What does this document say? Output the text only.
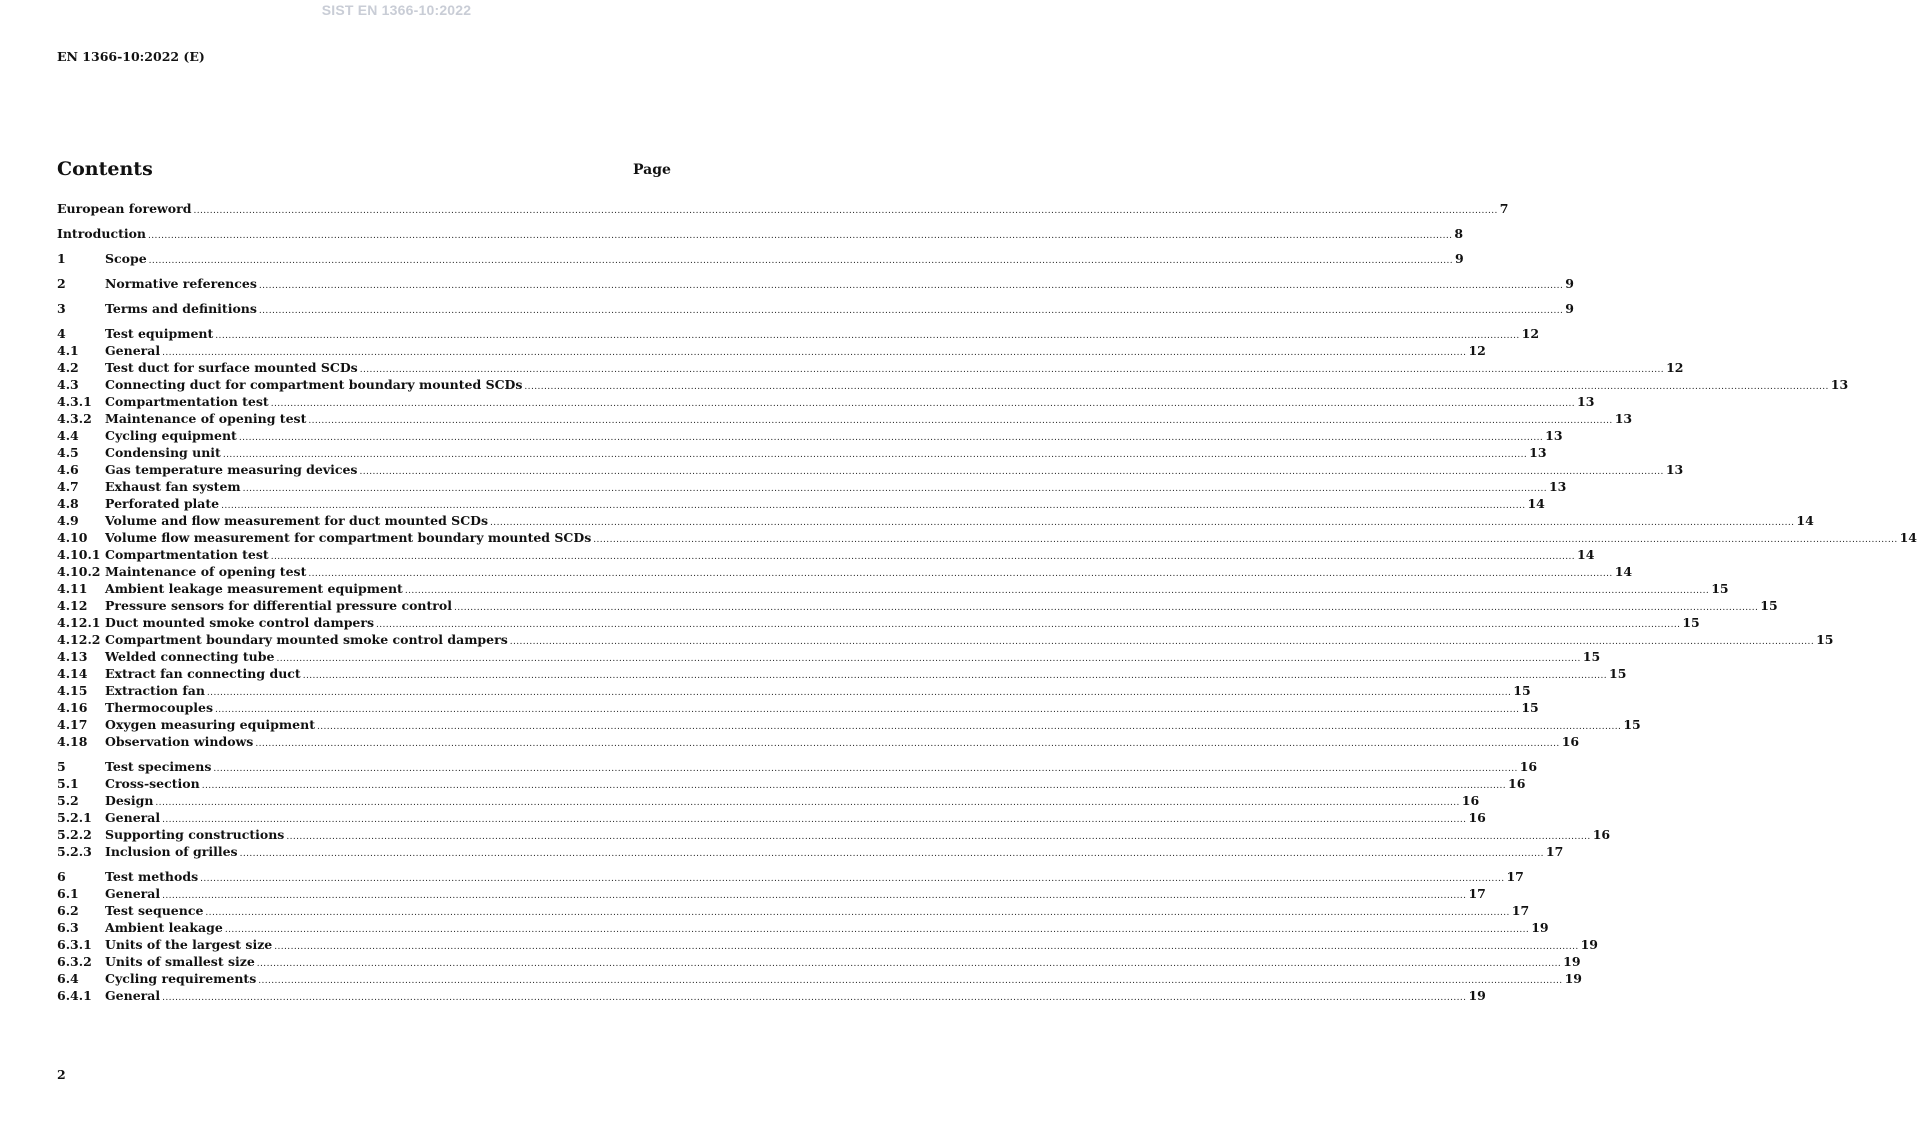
SIST EN 1366-10:2022
EN 1366-10:2022 (E)
Contents	Page
European foreword ................................................................................................................................................................................................................................................................................................................................................................................................................ 7
Introduction ................................................................................................................................................................................................................................................................................................................................................................................................................ 8
1	Scope ................................................................................................................................................................................................................................................................................................................................................................................................................ 9
2	Normative references ................................................................................................................................................................................................................................................................................................................................................................................................................ 9
3	Terms and definitions ................................................................................................................................................................................................................................................................................................................................................................................................................ 9
4	Test equipment ................................................................................................................................................................................................................................................................................................................................................................................................................ 12
4.1	General ................................................................................................................................................................................................................................................................................................................................................................................................................ 12
4.2	Test duct for surface mounted SCDs ................................................................................................................................................................................................................................................................................................................................................................................................................ 12
4.3	Connecting duct for compartment boundary mounted SCDs ................................................................................................................................................................................................................................................................................................................................................................................................................ 13
4.3.1	Compartmentation test ................................................................................................................................................................................................................................................................................................................................................................................................................ 13
4.3.2	Maintenance of opening test ................................................................................................................................................................................................................................................................................................................................................................................................................ 13
4.4	Cycling equipment ................................................................................................................................................................................................................................................................................................................................................................................................................ 13
4.5	Condensing unit ................................................................................................................................................................................................................................................................................................................................................................................................................ 13
4.6	Gas temperature measuring devices ................................................................................................................................................................................................................................................................................................................................................................................................................ 13
4.7	Exhaust fan system ................................................................................................................................................................................................................................................................................................................................................................................................................ 13
4.8	Perforated plate ................................................................................................................................................................................................................................................................................................................................................................................................................ 14
4.9	Volume and flow measurement for duct mounted SCDs ................................................................................................................................................................................................................................................................................................................................................................................................................ 14
4.10	Volume flow measurement for compartment boundary mounted SCDs ................................................................................................................................................................................................................................................................................................................................................................................................................ 14
4.10.1 Compartmentation test ................................................................................................................................................................................................................................................................................................................................................................................................................ 14
4.10.2 Maintenance of opening test ................................................................................................................................................................................................................................................................................................................................................................................................................ 14
4.11	Ambient leakage measurement equipment ................................................................................................................................................................................................................................................................................................................................................................................................................ 15
4.12	Pressure sensors for differential pressure control ................................................................................................................................................................................................................................................................................................................................................................................................................ 15
4.12.1 Duct mounted smoke control dampers ................................................................................................................................................................................................................................................................................................................................................................................................................ 15
4.12.2 Compartment boundary mounted smoke control dampers ................................................................................................................................................................................................................................................................................................................................................................................................................ 15
4.13	Welded connecting tube ................................................................................................................................................................................................................................................................................................................................................................................................................ 15
4.14	Extract fan connecting duct ................................................................................................................................................................................................................................................................................................................................................................................................................ 15
4.15	Extraction fan ................................................................................................................................................................................................................................................................................................................................................................................................................ 15
4.16	Thermocouples ................................................................................................................................................................................................................................................................................................................................................................................................................ 15
4.17	Oxygen measuring equipment ................................................................................................................................................................................................................................................................................................................................................................................................................ 15
4.18	Observation windows ................................................................................................................................................................................................................................................................................................................................................................................................................ 16
5	Test specimens ................................................................................................................................................................................................................................................................................................................................................................................................................ 16
5.1	Cross-section ................................................................................................................................................................................................................................................................................................................................................................................................................ 16
5.2	Design ................................................................................................................................................................................................................................................................................................................................................................................................................ 16
5.2.1	General ................................................................................................................................................................................................................................................................................................................................................................................................................ 16
5.2.2	Supporting constructions ................................................................................................................................................................................................................................................................................................................................................................................................................ 16
5.2.3	Inclusion of grilles ................................................................................................................................................................................................................................................................................................................................................................................................................ 17
6	Test methods ................................................................................................................................................................................................................................................................................................................................................................................................................ 17
6.1	General ................................................................................................................................................................................................................................................................................................................................................................................................................ 17
6.2	Test sequence ................................................................................................................................................................................................................................................................................................................................................................................................................ 17
6.3	Ambient leakage ................................................................................................................................................................................................................................................................................................................................................................................................................ 19
6.3.1	Units of the largest size ................................................................................................................................................................................................................................................................................................................................................................................................................ 19
6.3.2	Units of smallest size ................................................................................................................................................................................................................................................................................................................................................................................................................ 19
6.4	Cycling requirements ................................................................................................................................................................................................................................................................................................................................................................................................................ 19
6.4.1	General ................................................................................................................................................................................................................................................................................................................................................................................................................ 19
2
